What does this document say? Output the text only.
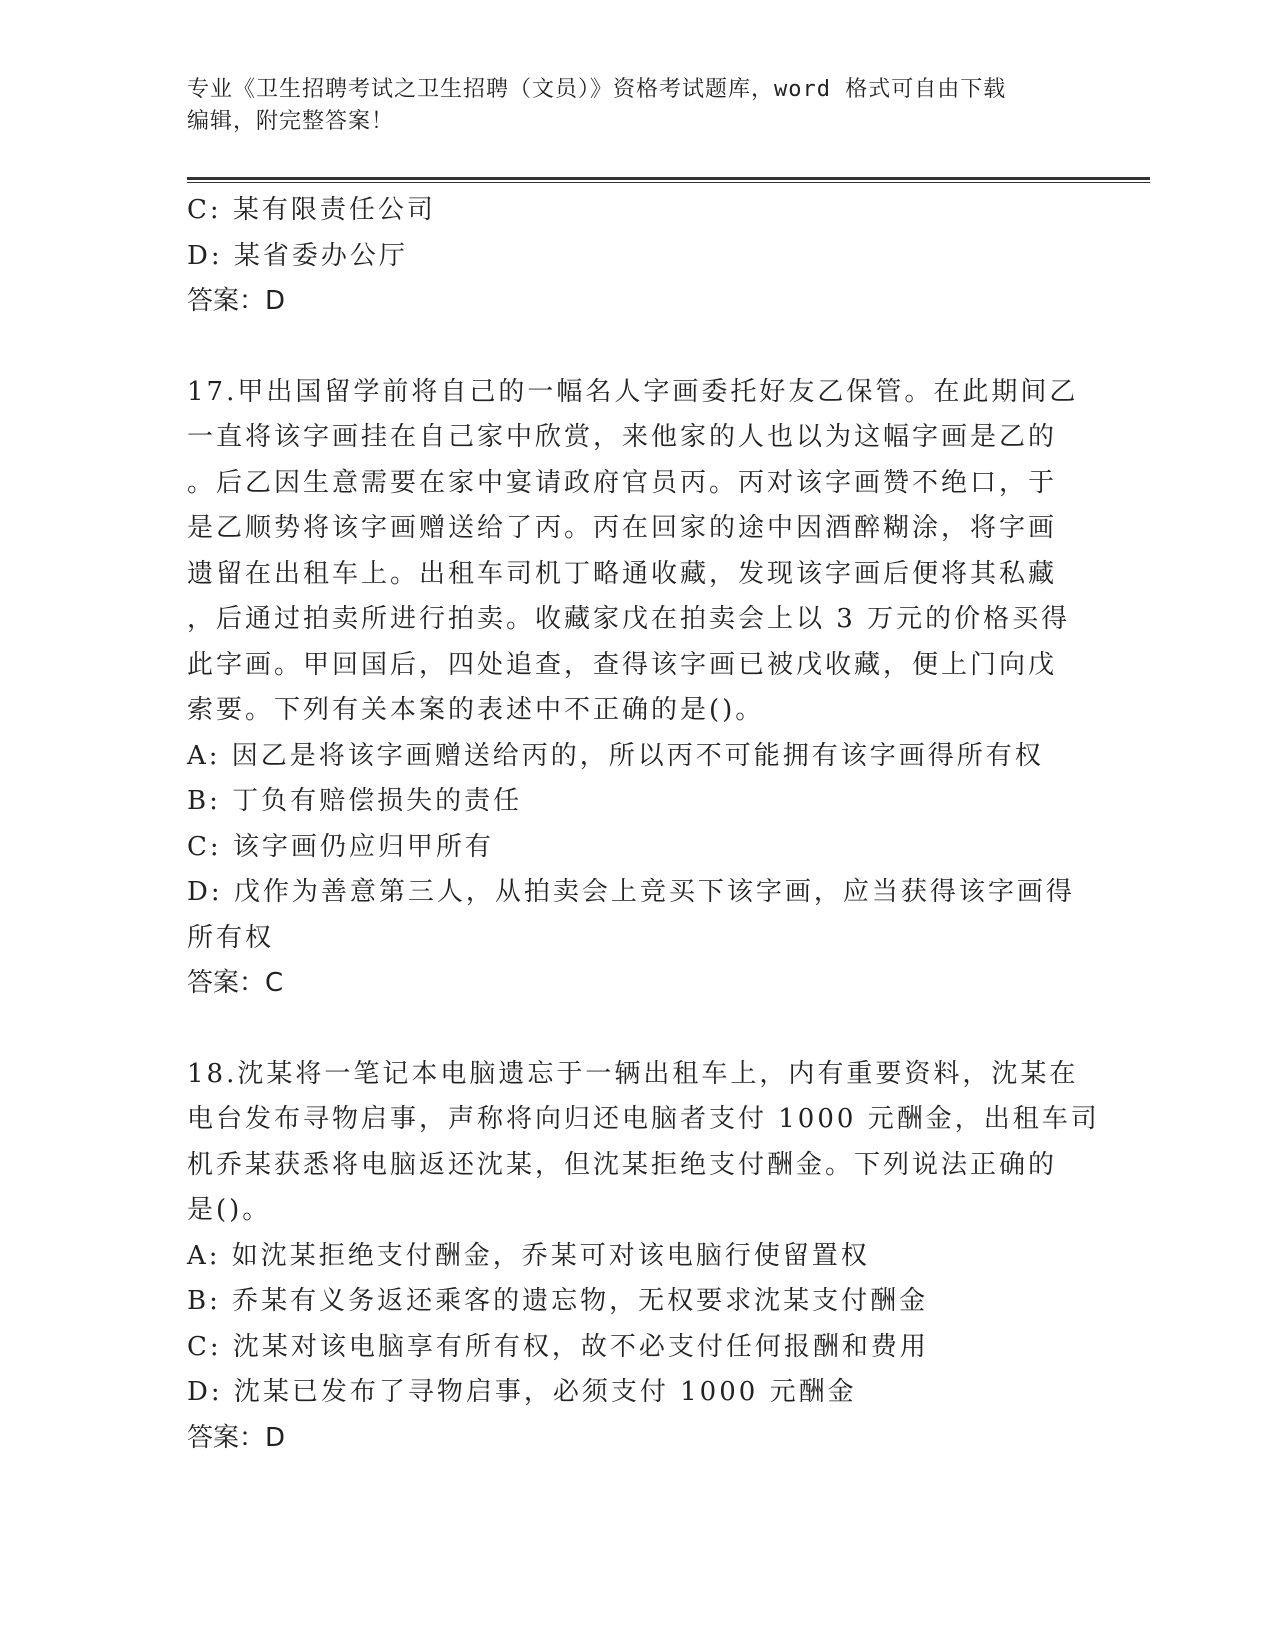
专业《卫生招聘考试之卫生招聘（文员）》资格考试题库，word 格式可自由下载

编辑，附完整答案！

C: 某有限责任公司

D: 某省委办公厅

答案：D

17.甲出国留学前将自己的一幅名人字画委托好友乙保管。在此期间乙

一直将该字画挂在自己家中欣赏，来他家的人也以为这幅字画是乙的

。后乙因生意需要在家中宴请政府官员丙。丙对该字画赞不绝口，于

是乙顺势将该字画赠送给了丙。丙在回家的途中因酒醉糊涂，将字画

遗留在出租车上。出租车司机丁略通收藏，发现该字画后便将其私藏

，后通过拍卖所进行拍卖。收藏家戊在拍卖会上以 3 万元的价格买得

此字画。甲回国后，四处追查，查得该字画已被戊收藏，便上门向戊

索要。下列有关本案的表述中不正确的是()。

A: 因乙是将该字画赠送给丙的，所以丙不可能拥有该字画得所有权

B: 丁负有赔偿损失的责任

C: 该字画仍应归甲所有

D: 戊作为善意第三人，从拍卖会上竞买下该字画，应当获得该字画得

所有权

答案：C

18.沈某将一笔记本电脑遗忘于一辆出租车上，内有重要资料，沈某在

电台发布寻物启事，声称将向归还电脑者支付 1000 元酬金，出租车司

机乔某获悉将电脑返还沈某，但沈某拒绝支付酬金。下列说法正确的

是()。

A: 如沈某拒绝支付酬金，乔某可对该电脑行使留置权

B: 乔某有义务返还乘客的遗忘物，无权要求沈某支付酬金

C: 沈某对该电脑享有所有权，故不必支付任何报酬和费用

D: 沈某已发布了寻物启事，必须支付 1000 元酬金

答案：D
